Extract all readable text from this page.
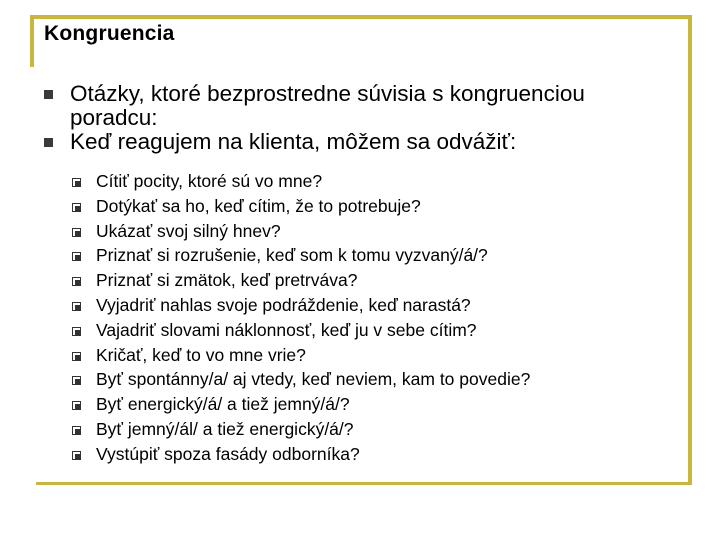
Kongruencia
Otázky, ktoré bezprostredne súvisia s kongruenciou poradcu:
Keď reagujem na klienta, môžem sa odvážiť:
Cítiť pocity, ktoré sú vo mne?
Dotýkať sa ho, keď cítim, že to potrebuje?
Ukázať svoj silný hnev?
Priznať si rozrušenie, keď som k tomu vyzvaný/á/?
Priznať si zmätok, keď pretrváva?
Vyjadriť nahlas svoje podráždenie, keď narastá?
Vajadriť slovami náklonnosť, keď ju v sebe cítim?
Kričať, keď to vo mne vrie?
Byť spontánny/a/ aj vtedy, keď neviem, kam to povedie?
Byť energický/á/ a tiež jemný/á/?
Byť jemný/ál/ a tiež energický/á/?
Vystúpiť spoza fasády odborníka?
